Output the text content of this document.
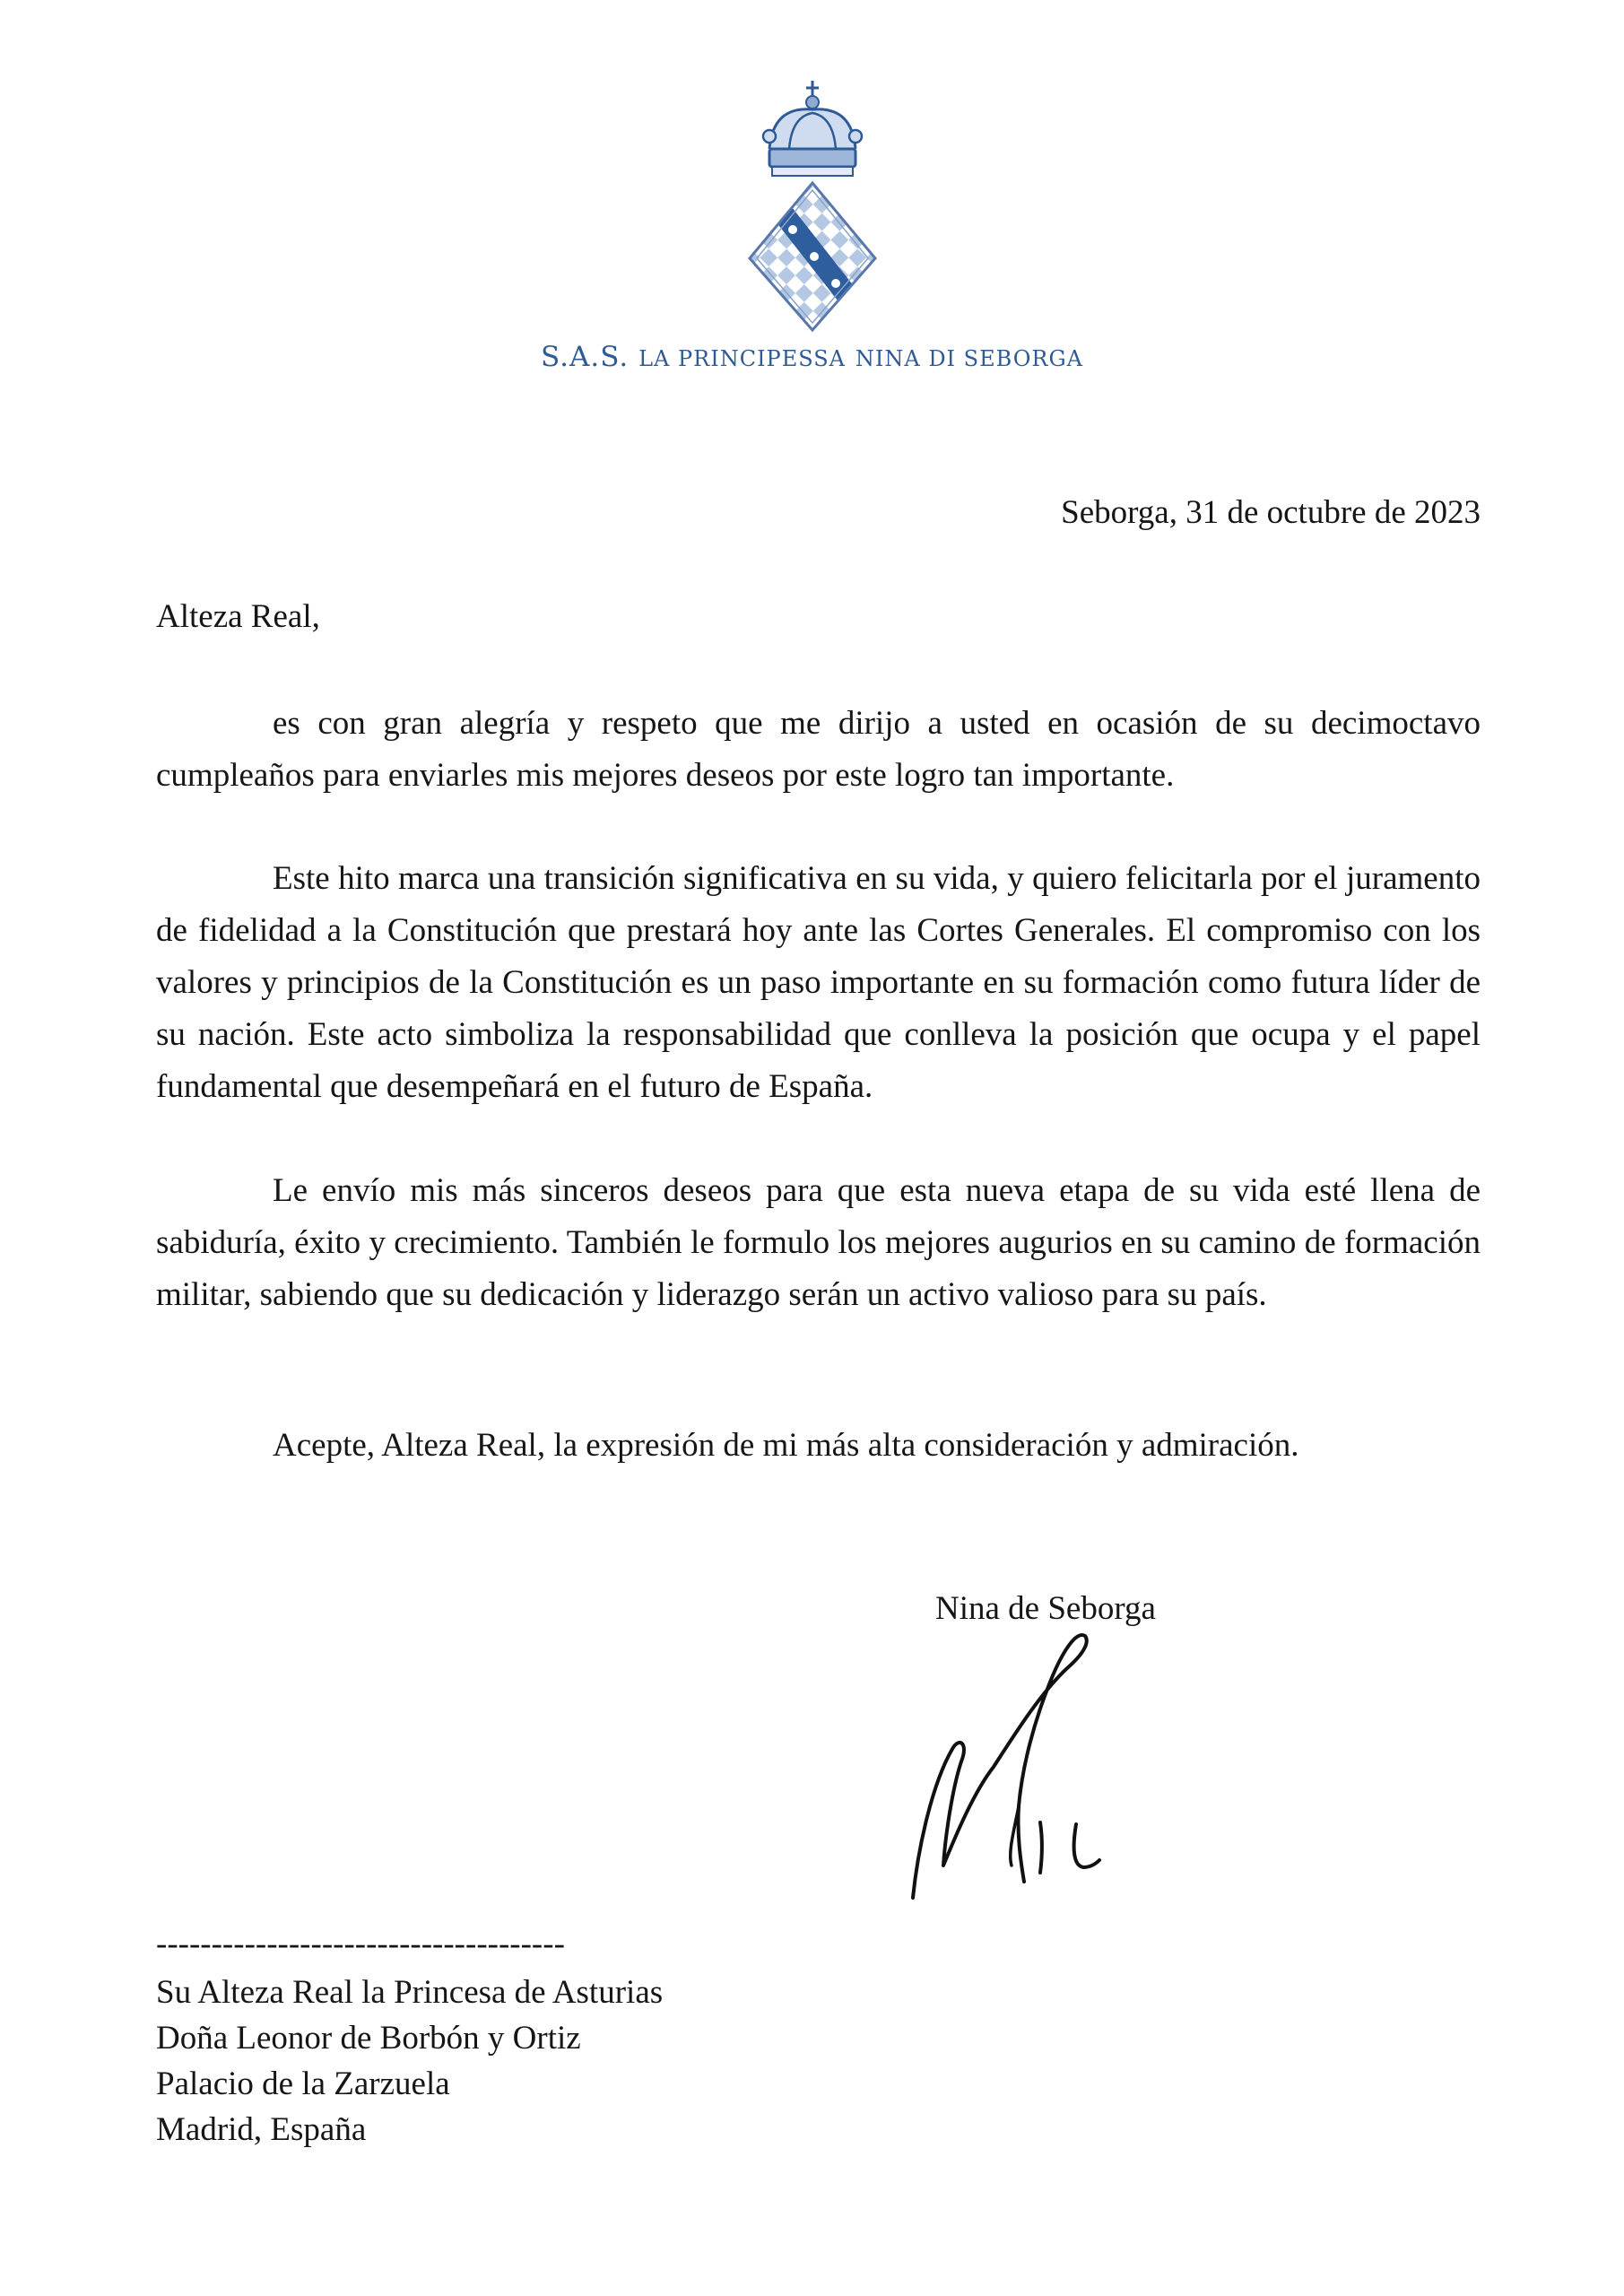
S.A.S. LA PRINCIPESSA NINA DI SEBORGA
Seborga, 31 de octubre de 2023
Alteza Real,

es con gran alegría y respeto que me dirijo a usted en ocasión de su decimoctavo cumpleaños para enviarles mis mejores deseos por este logro tan importante.

Este hito marca una transición significativa en su vida, y quiero felicitarla por el juramento de fidelidad a la Constitución que prestará hoy ante las Cortes Generales. El compromiso con los valores y principios de la Constitución es un paso importante en su formación como futura líder de su nación. Este acto simboliza la responsabilidad que conlleva la posición que ocupa y el papel fundamental que desempeñará en el futuro de España.

Le envío mis más sinceros deseos para que esta nueva etapa de su vida esté llena de sabiduría, éxito y crecimiento. También le formulo los mejores augurios en su camino de formación militar, sabiendo que su dedicación y liderazgo serán un activo valioso para su país.

Acepte, Alteza Real, la expresión de mi más alta consideración y admiración.
Nina de Seborga
-------------------------------------
Su Alteza Real la Princesa de Asturias
Doña Leonor de Borbón y Ortiz
Palacio de la Zarzuela
Madrid, España
